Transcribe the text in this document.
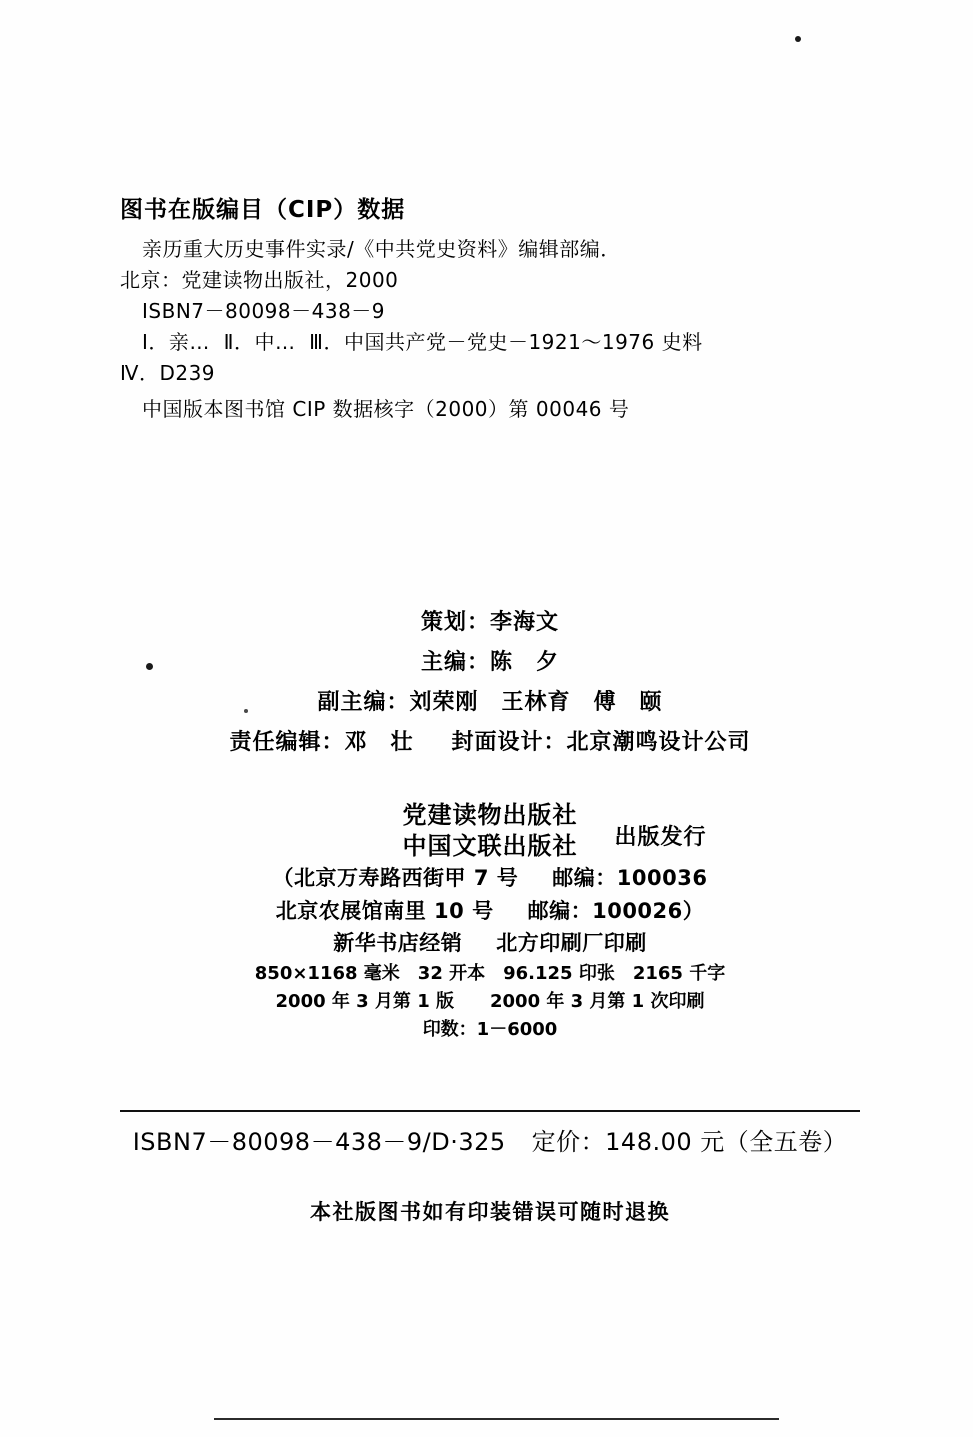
图书在版编目（CIP）数据
亲历重大历史事件实录/《中共党史资料》编辑部编．
北京：党建读物出版社，2000
ISBN7－80098－438－9
Ⅰ．亲…  Ⅱ．中…  Ⅲ．中国共产党－党史－1921～1976 史料
Ⅳ．D239
中国版本图书馆 CIP 数据核字（2000）第 00046 号
策划：李海文
主编：陈　夕
副主编：刘荣刚　王林育　傅　颐
责任编辑：邓　壮 封面设计：北京潮鸣设计公司
党建读物出版社
中国文联出版社 出版发行
（北京万寿路西街甲 7 号 邮编：100036
北京农展馆南里 10 号 邮编：100026）
新华书店经销 北方印刷厂印刷
850×1168 毫米　32 开本　96.125 印张　2165 千字
2000 年 3 月第 1 版　　2000 年 3 月第 1 次印刷
印数：1－6000
ISBN7－80098－438－9/D·325 定价：148.00 元（全五卷）
本社版图书如有印装错误可随时退换
